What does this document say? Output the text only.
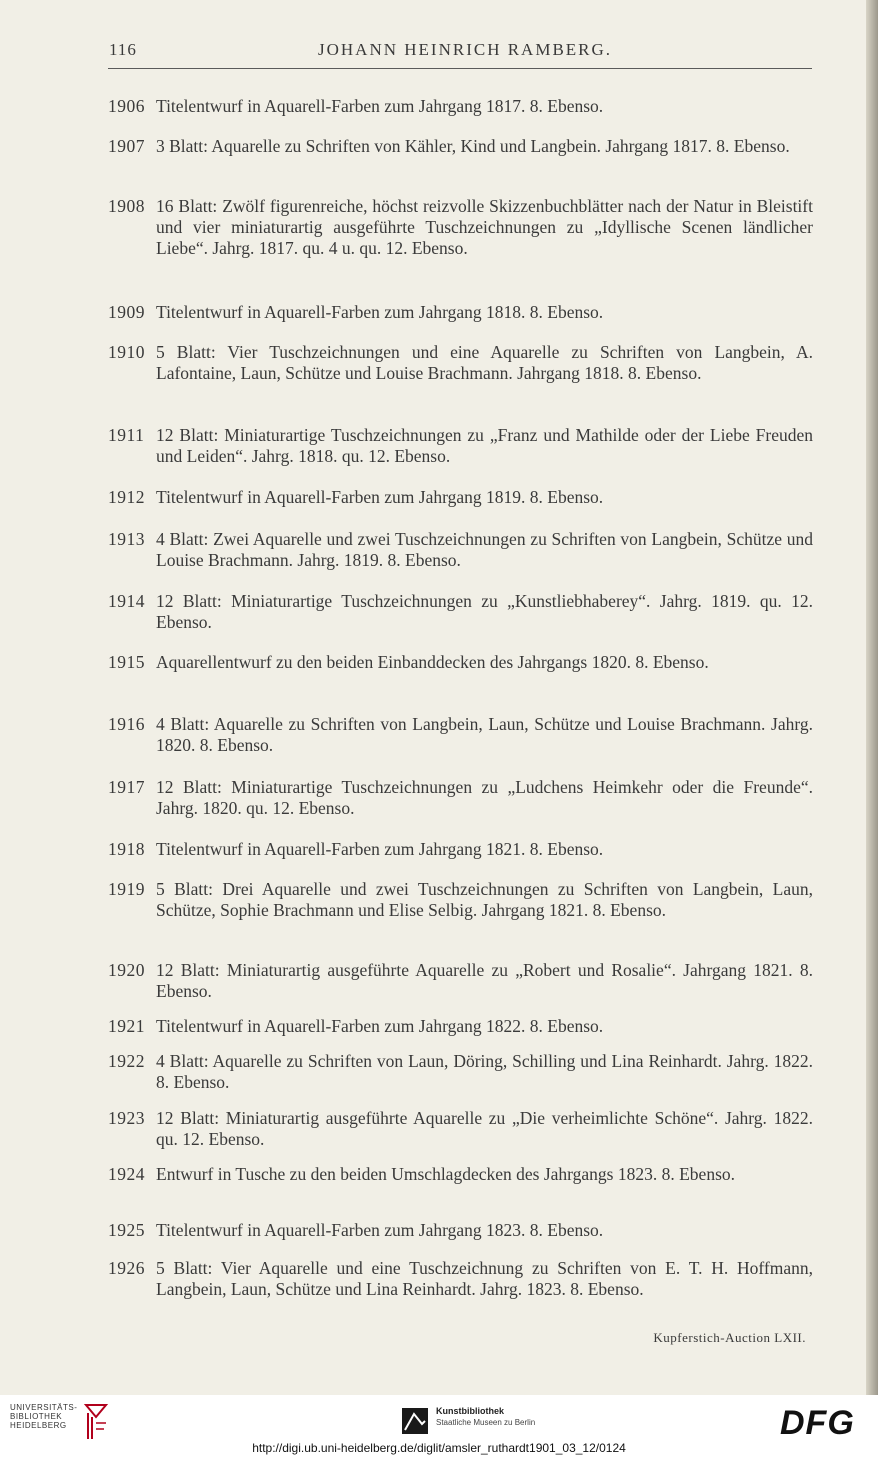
116	JOHANN HEINRICH RAMBERG.
1906 Titelentwurf in Aquarell-Farben zum Jahrgang 1817. 8. Ebenso.
1907 3 Blatt: Aquarelle zu Schriften von Kähler, Kind und Langbein. Jahrgang 1817. 8. Ebenso.
1908 16 Blatt: Zwölf figurenreiche, höchst reizvolle Skizzenbuchblätter nach der Natur in Bleistift und vier miniaturartig ausgeführte Tuschzeichnungen zu „Idyllische Scenen ländlicher Liebe“. Jahrg. 1817. qu. 4 u. qu. 12. Ebenso.
1909 Titelentwurf in Aquarell-Farben zum Jahrgang 1818. 8. Ebenso.
1910 5 Blatt: Vier Tuschzeichnungen und eine Aquarelle zu Schriften von Langbein, A. Lafontaine, Laun, Schütze und Louise Brachmann. Jahrgang 1818. 8. Ebenso.
1911 12 Blatt: Miniaturartige Tuschzeichnungen zu „Franz und Mathilde oder der Liebe Freuden und Leiden“. Jahrg. 1818. qu. 12. Ebenso.
1912 Titelentwurf in Aquarell-Farben zum Jahrgang 1819. 8. Ebenso.
1913 4 Blatt: Zwei Aquarelle und zwei Tuschzeichnungen zu Schriften von Langbein, Schütze und Louise Brachmann. Jahrg. 1819. 8. Ebenso.
1914 12 Blatt: Miniaturartige Tuschzeichnungen zu „Kunstliebhaberey“. Jahrg. 1819. qu. 12. Ebenso.
1915 Aquarellentwurf zu den beiden Einbanddecken des Jahrgangs 1820. 8. Ebenso.
1916 4 Blatt: Aquarelle zu Schriften von Langbein, Laun, Schütze und Louise Brachmann. Jahrg. 1820. 8. Ebenso.
1917 12 Blatt: Miniaturartige Tuschzeichnungen zu „Ludchens Heimkehr oder die Freunde“. Jahrg. 1820. qu. 12. Ebenso.
1918 Titelentwurf in Aquarell-Farben zum Jahrgang 1821. 8. Ebenso.
1919 5 Blatt: Drei Aquarelle und zwei Tuschzeichnungen zu Schriften von Langbein, Laun, Schütze, Sophie Brachmann und Elise Selbig. Jahrgang 1821. 8. Ebenso.
1920 12 Blatt: Miniaturartig ausgeführte Aquarelle zu „Robert und Rosalie“. Jahrgang 1821. 8. Ebenso.
1921 Titelentwurf in Aquarell-Farben zum Jahrgang 1822. 8. Ebenso.
1922 4 Blatt: Aquarelle zu Schriften von Laun, Döring, Schilling und Lina Reinhardt. Jahrg. 1822. 8. Ebenso.
1923 12 Blatt: Miniaturartig ausgeführte Aquarelle zu „Die verheimlichte Schöne“. Jahrg. 1822. qu. 12. Ebenso.
1924 Entwurf in Tusche zu den beiden Umschlagdecken des Jahrgangs 1823. 8. Ebenso.
1925 Titelentwurf in Aquarell-Farben zum Jahrgang 1823. 8. Ebenso.
1926 5 Blatt: Vier Aquarelle und eine Tuschzeichnung zu Schriften von E. T. H. Hoffmann, Langbein, Laun, Schütze und Lina Reinhardt. Jahrg. 1823. 8. Ebenso.
Kupferstich-Auction LXII.
UNIVERSITÄTS-
BIBLIOTHEK
HEIDELBERG
Kunstbibliothek
Staatliche Museen zu Berlin	DFG
http://digi.ub.uni-heidelberg.de/diglit/amsler_ruthardt1901_03_12/0124
